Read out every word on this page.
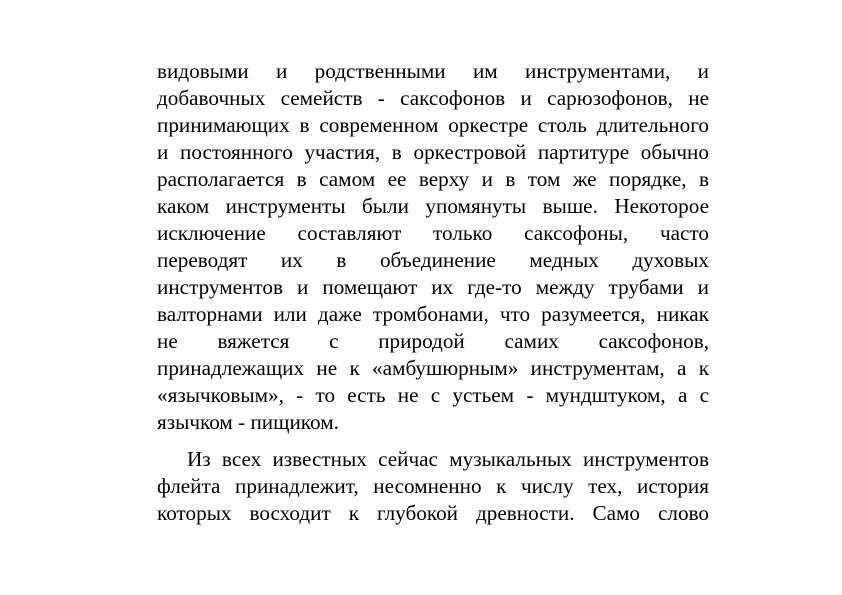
видовыми и родственными им инструментами, и
добавочных семейств - саксофонов и сарюзофонов, не
принимающих в современном оркестре столь длительного
и постоянного участия, в оркестровой партитуре обычно
располагается в самом ее верху и в том же порядке, в
каком инструменты были упомянуты выше. Некоторое
исключение составляют только саксофоны, часто
переводят их в объединение медных духовых
инструментов и помещают их где-то между трубами и
валторнами или даже тромбонами, что разумеется, никак
не вяжется с природой самих саксофонов,
принадлежащих не к «амбушюрным» инструментам, а к
«язычковым», - то есть не с устьем - мундштуком, а с
язычком - пищиком.
Из всех известных сейчас музыкальных инструментов
флейта принадлежит, несомненно к числу тех, история
которых восходит к глубокой древности. Само слово
